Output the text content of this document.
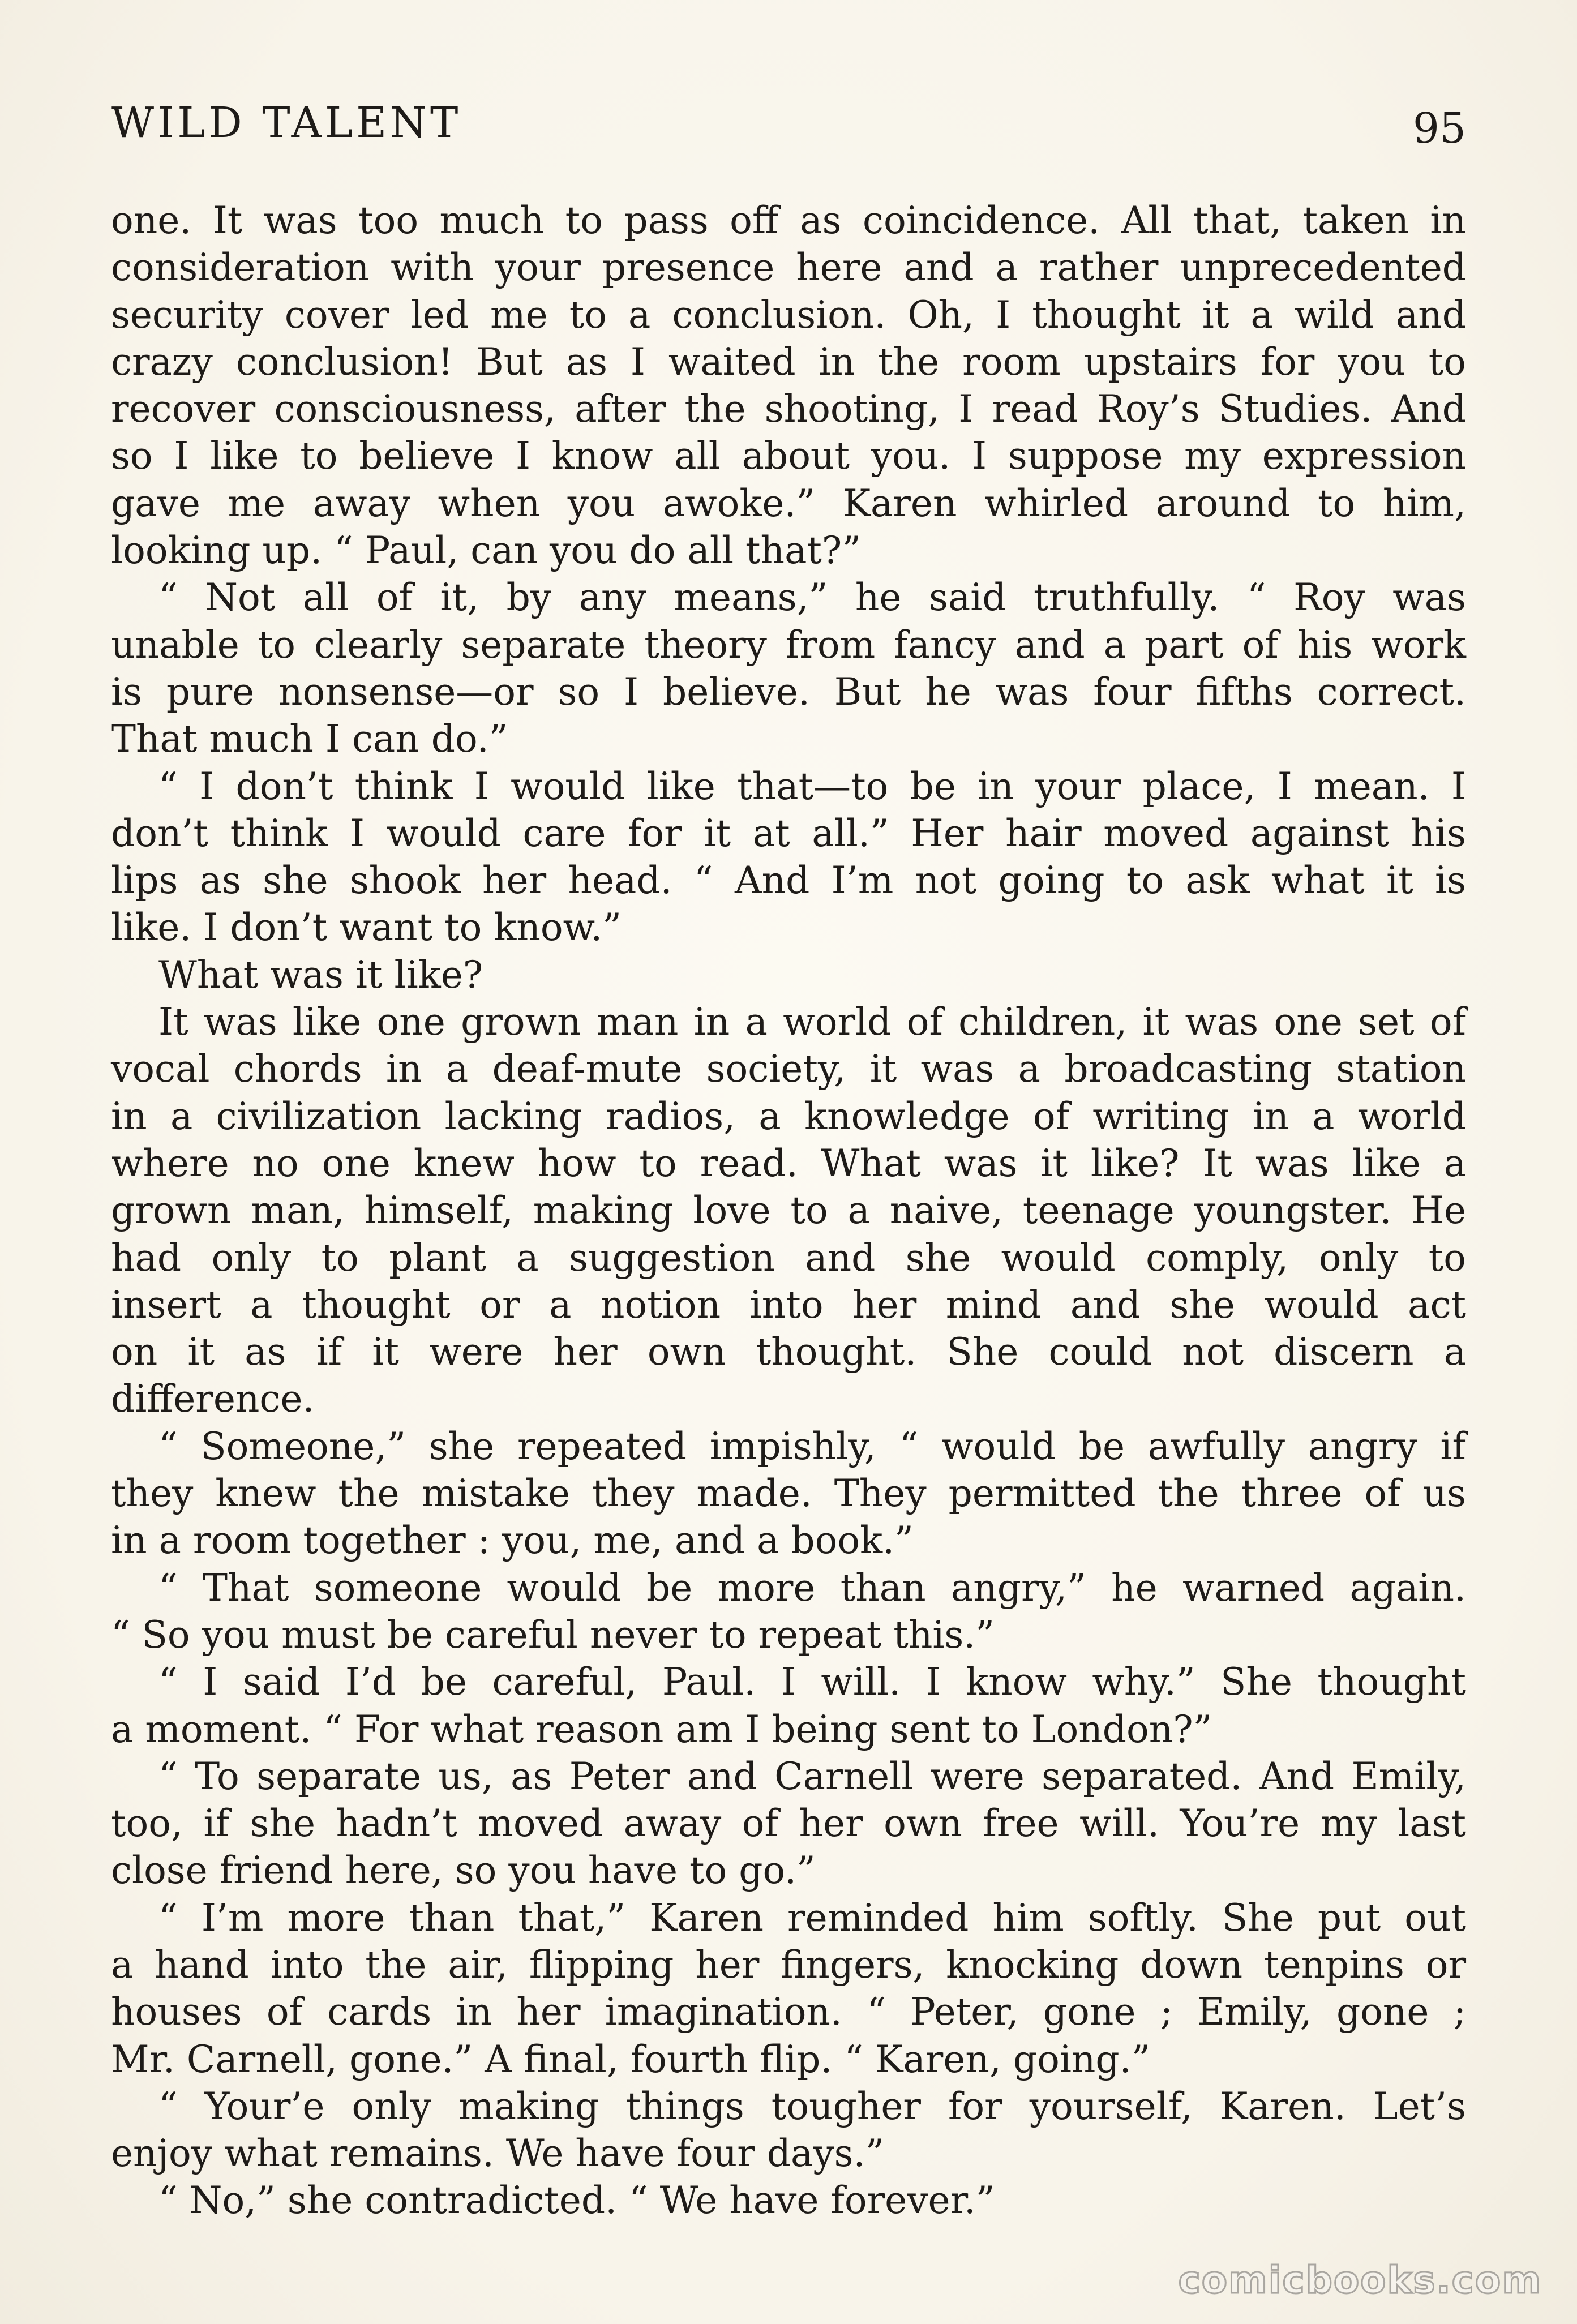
WILD TALENT	95

one. It was too much to pass off as coincidence. All that, taken in

consideration with your presence here and a rather unprecedented

security cover led me to a conclusion. Oh, I thought it a wild and

crazy conclusion! But as I waited in the room upstairs for you to

recover consciousness, after the shooting, I read Roy’s Studies. And

so I like to believe I know all about you. I suppose my expression

gave me away when you awoke.” Karen whirled around to him,

looking up. “ Paul, can you do all that?”

“ Not all of it, by any means,” he said truthfully. “ Roy was

unable to clearly separate theory from fancy and a part of his work

is pure nonsense—or so I believe. But he was four fifths correct.

That much I can do.”

“ I don’t think I would like that—to be in your place, I mean. I

don’t think I would care for it at all.” Her hair moved against his

lips as she shook her head. “ And I’m not going to ask what it is

like. I don’t want to know.”

What was it like?

It was like one grown man in a world of children, it was one set of

vocal chords in a deaf-mute society, it was a broadcasting station

in a civilization lacking radios, a knowledge of writing in a world

where no one knew how to read. What was it like? It was like a

grown man, himself, making love to a naive, teenage youngster. He

had only to plant a suggestion and she would comply, only to

insert a thought or a notion into her mind and she would act

on it as if it were her own thought. She could not discern a

difference.

“ Someone,” she repeated impishly, “ would be awfully angry if

they knew the mistake they made. They permitted the three of us

in a room together : you, me, and a book.”

“ That someone would be more than angry,” he warned again.

“ So you must be careful never to repeat this.”

“ I said I’d be careful, Paul. I will. I know why.” She thought

a moment. “ For what reason am I being sent to London?”

“ To separate us, as Peter and Carnell were separated. And Emily,

too, if she hadn’t moved away of her own free will. You’re my last

close friend here, so you have to go.”

“ I’m more than that,” Karen reminded him softly. She put out

a hand into the air, flipping her fingers, knocking down tenpins or

houses of cards in her imagination. “ Peter, gone ; Emily, gone ;

Mr. Carnell, gone.” A final, fourth flip. “ Karen, going.”

“ Your’e only making things tougher for yourself, Karen. Let’s

enjoy what remains. We have four days.”

“ No,” she contradicted. “ We have forever.”

comicbooks.com
